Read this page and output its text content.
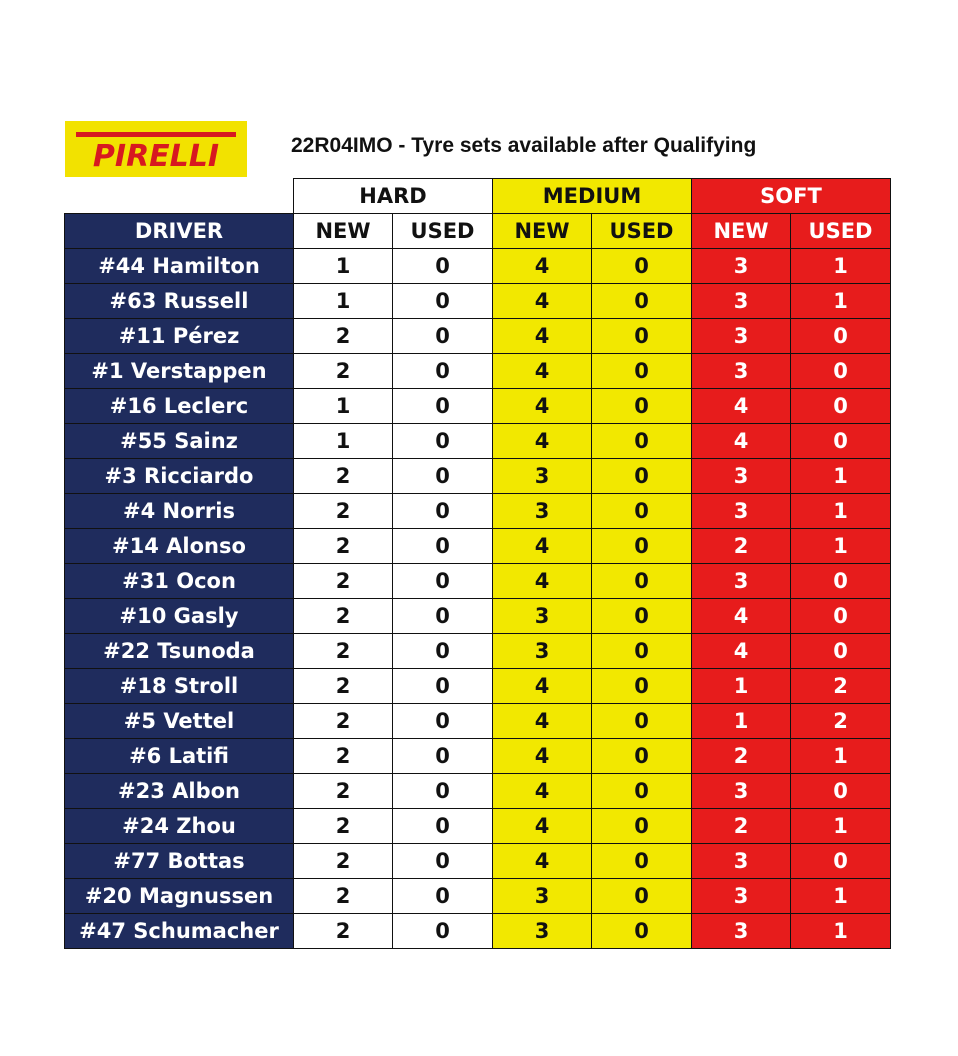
PIRELLI	22R04IMO - Tyre sets available after Qualifying
	HARD		MEDIUM		SOFT	
DRIVER	NEW	USED	NEW	USED	NEW	USED
#44 Hamilton	1	0	4	0	3	1
#63 Russell	1	0	4	0	3	1
#11 Pérez	2	0	4	0	3	0
#1 Verstappen	2	0	4	0	3	0
#16 Leclerc	1	0	4	0	4	0
#55 Sainz	1	0	4	0	4	0
#3 Ricciardo	2	0	3	0	3	1
#4 Norris	2	0	3	0	3	1
#14 Alonso	2	0	4	0	2	1
#31 Ocon	2	0	4	0	3	0
#10 Gasly	2	0	3	0	4	0
#22 Tsunoda	2	0	3	0	4	0
#18 Stroll	2	0	4	0	1	2
#5 Vettel	2	0	4	0	1	2
#6 Latifi	2	0	4	0	2	1
#23 Albon	2	0	4	0	3	0
#24 Zhou	2	0	4	0	2	1
#77 Bottas	2	0	4	0	3	0
#20 Magnussen	2	0	3	0	3	1
#47 Schumacher	2	0	3	0	3	1
